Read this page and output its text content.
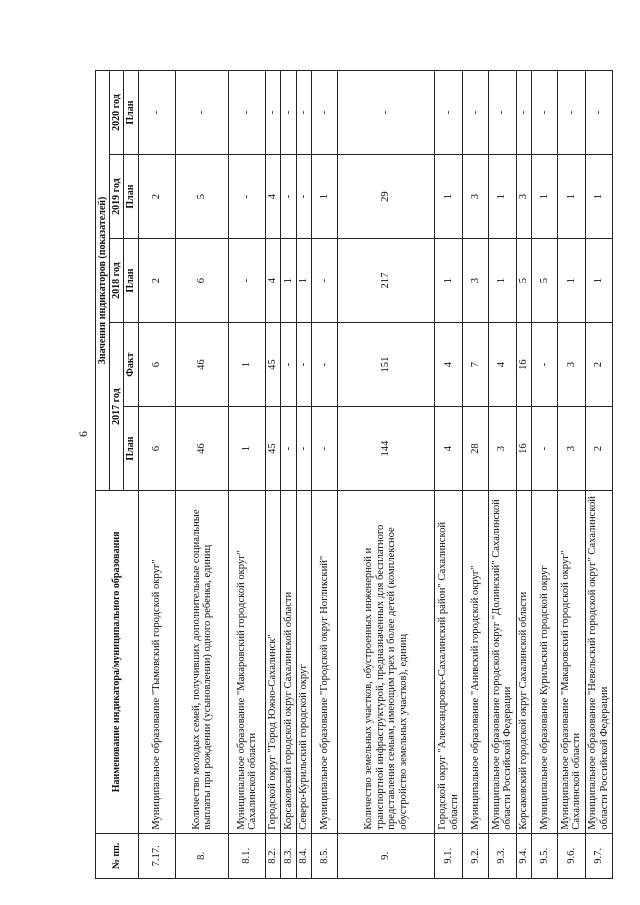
6
№ пп.	Наименование индикатора/муниципального образования	Значения индикаторов (показателей)				
		2017 год		2018 год	2019 год	2020 год
		План	Факт	План	План	План
7.17.	Муниципальное образование "Тымовский городской округ"	6	6	2	2	-
8.	Количество молодых семей, получивших дополнительные социальные выплаты при рождении (усыновлении) одного ребенка, единиц	46	46	6	5	-
8.1.	Муниципальное образование "Макаровский городской округ" Сахалинской области	1	1	-	-	-
8.2.	Городской округ "Город Южно-Сахалинск"	45	45	4	4	-
8.3.	Корсаковский городской округ Сахалинской области	-	-	1	-	-
8.4.	Северо-Курильский городской округ	-	-	1	-	-
8.5.	Муниципальное образование "Городской округ Ногликский"	-	-	-	1	-
9.	Количество земельных участков, обустроенных инженерной и транспортной инфраструктурой, предназначенных для бесплатного представления семьям, имеющим трех и более детей (комплексное обустройство земельных участков), единиц	144	151	217	29	-
9.1.	Городской округ "Александровск-Сахалинский район" Сахалинской области	4	4	1	1	-
9.2.	Муниципальное образование "Анивский городской округ"	28	7	3	3	-
9.3.	Муниципальное образование городской округ "Долинский" Сахалинской области Российской Федерации	3	4	1	1	-
9.4.	Корсаковский городской округ Сахалинской области	16	16	5	3	-
9.5.	Муниципальное образование Курильский городской округ	-	-	5	1	-
9.6.	Муниципальное образование "Макаровский городской округ" Сахалинской области	3	3	1	1	-
9.7.	Муниципальное образование "Невельский городской округ" Сахалинской области Российской Федерации	2	2	1	1	-
